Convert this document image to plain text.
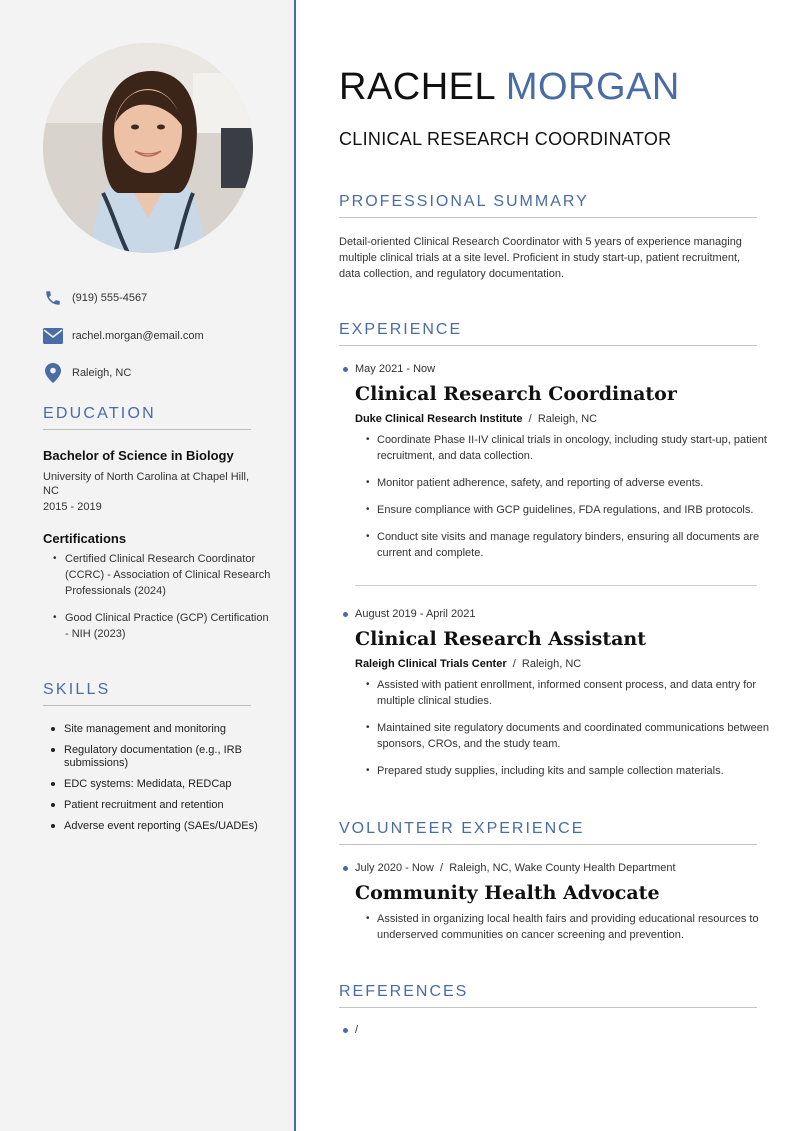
(919) 555-4567
rachel.morgan@email.com
Raleigh, NC
EDUCATION
Bachelor of Science in Biology
University of North Carolina at Chapel Hill, NC
2015 - 2019
Certifications
• Certified Clinical Research Coordinator (CCRC) - Association of Clinical Research Professionals (2024)
• Good Clinical Practice (GCP) Certification - NIH (2023)
SKILLS
Site management and monitoring
Regulatory documentation (e.g., IRB submissions)
EDC systems: Medidata, REDCap
Patient recruitment and retention
Adverse event reporting (SAEs/UADEs)
RACHEL MORGAN
CLINICAL RESEARCH COORDINATOR
PROFESSIONAL SUMMARY

Detail-oriented Clinical Research Coordinator with 5 years of experience managing multiple clinical trials at a site level. Proficient in study start-up, patient recruitment, data collection, and regulatory documentation.

EXPERIENCE
May 2021 - Now
Clinical Research Coordinator
Duke Clinical Research Institute / Raleigh, NC
• Coordinate Phase II-IV clinical trials in oncology, including study start-up, patient recruitment, and data collection.
• Monitor patient adherence, safety, and reporting of adverse events.
• Ensure compliance with GCP guidelines, FDA regulations, and IRB protocols.
• Conduct site visits and manage regulatory binders, ensuring all documents are current and complete.
August 2019 - April 2021
Clinical Research Assistant
Raleigh Clinical Trials Center / Raleigh, NC
• Assisted with patient enrollment, informed consent process, and data entry for multiple clinical studies.
• Maintained site regulatory documents and coordinated communications between sponsors, CROs, and the study team.
• Prepared study supplies, including kits and sample collection materials.
VOLUNTEER EXPERIENCE
July 2020 - Now / Raleigh, NC, Wake County Health Department
Community Health Advocate
• Assisted in organizing local health fairs and providing educational resources to underserved communities on cancer screening and prevention.
REFERENCES
/
